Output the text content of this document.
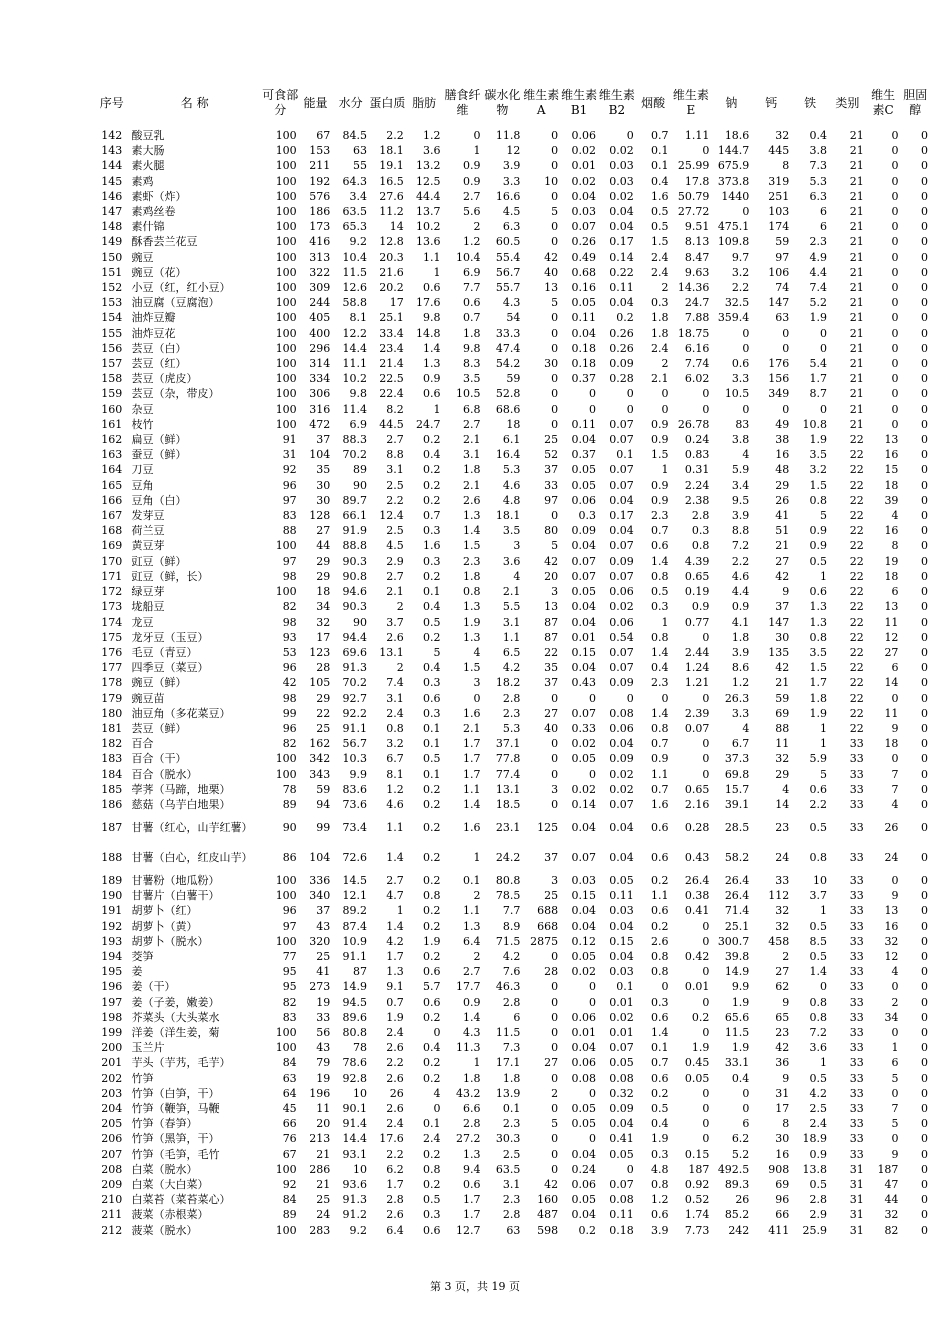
序号	名 称	可食部分	能量	水分	蛋白质	脂肪	膳食纤维	碳水化物	维生素A	维生素B1	维生素B2	烟酸	维生素E	钠	钙	铁	类别	维生素C	胆固醇
142	酸豆乳	100	67	84.5	2.2	1.2	0	11.8	0	0.06	0	0.7	1.11	18.6	32	0.4	21	0	0
143	素大肠	100	153	63	18.1	3.6	1	12	0	0.02	0.02	0.1	0	144.7	445	3.8	21	0	0
144	素火腿	100	211	55	19.1	13.2	0.9	3.9	0	0.01	0.03	0.1	25.99	675.9	8	7.3	21	0	0
145	素鸡	100	192	64.3	16.5	12.5	0.9	3.3	10	0.02	0.03	0.4	17.8	373.8	319	5.3	21	0	0
146	素虾（炸）	100	576	3.4	27.6	44.4	2.7	16.6	0	0.04	0.02	1.6	50.79	1440	251	6.3	21	0	0
147	素鸡丝卷	100	186	63.5	11.2	13.7	5.6	4.5	5	0.03	0.04	0.5	27.72	0	103	6	21	0	0
148	素什锦	100	173	65.3	14	10.2	2	6.3	0	0.07	0.04	0.5	9.51	475.1	174	6	21	0	0
149	酥香芸兰花豆	100	416	9.2	12.8	13.6	1.2	60.5	0	0.26	0.17	1.5	8.13	109.8	59	2.3	21	0	0
150	豌豆	100	313	10.4	20.3	1.1	10.4	55.4	42	0.49	0.14	2.4	8.47	9.7	97	4.9	21	0	0
151	豌豆（花）	100	322	11.5	21.6	1	6.9	56.7	40	0.68	0.22	2.4	9.63	3.2	106	4.4	21	0	0
152	小豆（红，红小豆）	100	309	12.6	20.2	0.6	7.7	55.7	13	0.16	0.11	2	14.36	2.2	74	7.4	21	0	0
153	油豆腐（豆腐泡）	100	244	58.8	17	17.6	0.6	4.3	5	0.05	0.04	0.3	24.7	32.5	147	5.2	21	0	0
154	油炸豆瓣	100	405	8.1	25.1	9.8	0.7	54	0	0.11	0.2	1.8	7.88	359.4	63	1.9	21	0	0
155	油炸豆花	100	400	12.2	33.4	14.8	1.8	33.3	0	0.04	0.26	1.8	18.75	0	0	0	21	0	0
156	芸豆（白）	100	296	14.4	23.4	1.4	9.8	47.4	0	0.18	0.26	2.4	6.16	0	0	0	21	0	0
157	芸豆（红）	100	314	11.1	21.4	1.3	8.3	54.2	30	0.18	0.09	2	7.74	0.6	176	5.4	21	0	0
158	芸豆（虎皮）	100	334	10.2	22.5	0.9	3.5	59	0	0.37	0.28	2.1	6.02	3.3	156	1.7	21	0	0
159	芸豆（杂，带皮）	100	306	9.8	22.4	0.6	10.5	52.8	0	0	0	0	0	10.5	349	8.7	21	0	0
160	杂豆	100	316	11.4	8.2	1	6.8	68.6	0	0	0	0	0	0	0	0	21	0	0
161	枝竹	100	472	6.9	44.5	24.7	2.7	18	0	0.11	0.07	0.9	26.78	83	49	10.8	21	0	0
162	扁豆（鲜）	91	37	88.3	2.7	0.2	2.1	6.1	25	0.04	0.07	0.9	0.24	3.8	38	1.9	22	13	0
163	蚕豆（鲜）	31	104	70.2	8.8	0.4	3.1	16.4	52	0.37	0.1	1.5	0.83	4	16	3.5	22	16	0
164	刀豆	92	35	89	3.1	0.2	1.8	5.3	37	0.05	0.07	1	0.31	5.9	48	3.2	22	15	0
165	豆角	96	30	90	2.5	0.2	2.1	4.6	33	0.05	0.07	0.9	2.24	3.4	29	1.5	22	18	0
166	豆角（白）	97	30	89.7	2.2	0.2	2.6	4.8	97	0.06	0.04	0.9	2.38	9.5	26	0.8	22	39	0
167	发芽豆	83	128	66.1	12.4	0.7	1.3	18.1	0	0.3	0.17	2.3	2.8	3.9	41	5	22	4	0
168	荷兰豆	88	27	91.9	2.5	0.3	1.4	3.5	80	0.09	0.04	0.7	0.3	8.8	51	0.9	22	16	0
169	黄豆芽	100	44	88.8	4.5	1.6	1.5	3	5	0.04	0.07	0.6	0.8	7.2	21	0.9	22	8	0
170	豇豆（鲜）	97	29	90.3	2.9	0.3	2.3	3.6	42	0.07	0.09	1.4	4.39	2.2	27	0.5	22	19	0
171	豇豆（鲜，长）	98	29	90.8	2.7	0.2	1.8	4	20	0.07	0.07	0.8	0.65	4.6	42	1	22	18	0
172	绿豆芽	100	18	94.6	2.1	0.1	0.8	2.1	3	0.05	0.06	0.5	0.19	4.4	9	0.6	22	6	0
173	垅船豆	82	34	90.3	2	0.4	1.3	5.5	13	0.04	0.02	0.3	0.9	0.9	37	1.3	22	13	0
174	龙豆	98	32	90	3.7	0.5	1.9	3.1	87	0.04	0.06	1	0.77	4.1	147	1.3	22	11	0
175	龙牙豆（玉豆）	93	17	94.4	2.6	0.2	1.3	1.1	87	0.01	0.54	0.8	0	1.8	30	0.8	22	12	0
176	毛豆（青豆）	53	123	69.6	13.1	5	4	6.5	22	0.15	0.07	1.4	2.44	3.9	135	3.5	22	27	0
177	四季豆（菜豆）	96	28	91.3	2	0.4	1.5	4.2	35	0.04	0.07	0.4	1.24	8.6	42	1.5	22	6	0
178	豌豆（鲜）	42	105	70.2	7.4	0.3	3	18.2	37	0.43	0.09	2.3	1.21	1.2	21	1.7	22	14	0
179	豌豆苗	98	29	92.7	3.1	0.6	0	2.8	0	0	0	0	0	26.3	59	1.8	22	0	0
180	油豆角（多花菜豆）	99	22	92.2	2.4	0.3	1.6	2.3	27	0.07	0.08	1.4	2.39	3.3	69	1.9	22	11	0
181	芸豆（鲜）	96	25	91.1	0.8	0.1	2.1	5.3	40	0.33	0.06	0.8	0.07	4	88	1	22	9	0
182	百合	82	162	56.7	3.2	0.1	1.7	37.1	0	0.02	0.04	0.7	0	6.7	11	1	33	18	0
183	百合（干）	100	342	10.3	6.7	0.5	1.7	77.8	0	0.05	0.09	0.9	0	37.3	32	5.9	33	0	0
184	百合（脱水）	100	343	9.9	8.1	0.1	1.7	77.4	0	0	0.02	1.1	0	69.8	29	5	33	7	0
185	荸荠（马蹄，地栗）	78	59	83.6	1.2	0.2	1.1	13.1	3	0.02	0.02	0.7	0.65	15.7	4	0.6	33	7	0
186	慈菇（乌芋白地果）	89	94	73.6	4.6	0.2	1.4	18.5	0	0.14	0.07	1.6	2.16	39.1	14	2.2	33	4	0
187	甘薯（红心，山芋红薯）	90	99	73.4	1.1	0.2	1.6	23.1	125	0.04	0.04	0.6	0.28	28.5	23	0.5	33	26	0
188	甘薯（白心，红皮山芋）	86	104	72.6	1.4	0.2	1	24.2	37	0.07	0.04	0.6	0.43	58.2	24	0.8	33	24	0
189	甘薯粉（地瓜粉）	100	336	14.5	2.7	0.2	0.1	80.8	3	0.03	0.05	0.2	26.4	26.4	33	10	33	0	0
190	甘薯片（白薯干）	100	340	12.1	4.7	0.8	2	78.5	25	0.15	0.11	1.1	0.38	26.4	112	3.7	33	9	0
191	胡萝卜（红）	96	37	89.2	1	0.2	1.1	7.7	688	0.04	0.03	0.6	0.41	71.4	32	1	33	13	0
192	胡萝卜（黄）	97	43	87.4	1.4	0.2	1.3	8.9	668	0.04	0.04	0.2	0	25.1	32	0.5	33	16	0
193	胡萝卜（脱水）	100	320	10.9	4.2	1.9	6.4	71.5	2875	0.12	0.15	2.6	0	300.7	458	8.5	33	32	0
194	茭笋	77	25	91.1	1.7	0.2	2	4.2	0	0.05	0.04	0.8	0.42	39.8	2	0.5	33	12	0
195	姜	95	41	87	1.3	0.6	2.7	7.6	28	0.02	0.03	0.8	0	14.9	27	1.4	33	4	0
196	姜（干）	95	273	14.9	9.1	5.7	17.7	46.3	0	0	0.1	0	0.01	9.9	62	0	33	0	0
197	姜（子姜，嫩姜）	82	19	94.5	0.7	0.6	0.9	2.8	0	0	0.01	0.3	0	1.9	9	0.8	33	2	0
198	芥菜头（大头菜水	83	33	89.6	1.9	0.2	1.4	6	0	0.06	0.02	0.6	0.2	65.6	65	0.8	33	34	0
199	洋姜（洋生姜，菊	100	56	80.8	2.4	0	4.3	11.5	0	0.01	0.01	1.4	0	11.5	23	7.2	33	0	0
200	玉兰片	100	43	78	2.6	0.4	11.3	7.3	0	0.04	0.07	0.1	1.9	1.9	42	3.6	33	1	0
201	芋头（芋艿，毛芋）	84	79	78.6	2.2	0.2	1	17.1	27	0.06	0.05	0.7	0.45	33.1	36	1	33	6	0
202	竹笋	63	19	92.8	2.6	0.2	1.8	1.8	0	0.08	0.08	0.6	0.05	0.4	9	0.5	33	5	0
203	竹笋（白笋，干）	64	196	10	26	4	43.2	13.9	2	0	0.32	0.2	0	0	31	4.2	33	0	0
204	竹笋（鞭笋，马鞭	45	11	90.1	2.6	0	6.6	0.1	0	0.05	0.09	0.5	0	0	17	2.5	33	7	0
205	竹笋（春笋）	66	20	91.4	2.4	0.1	2.8	2.3	5	0.05	0.04	0.4	0	6	8	2.4	33	5	0
206	竹笋（黑笋，干）	76	213	14.4	17.6	2.4	27.2	30.3	0	0	0.41	1.9	0	6.2	30	18.9	33	0	0
207	竹笋（毛笋，毛竹	67	21	93.1	2.2	0.2	1.3	2.5	0	0.04	0.05	0.3	0.15	5.2	16	0.9	33	9	0
208	白菜（脱水）	100	286	10	6.2	0.8	9.4	63.5	0	0.24	0	4.8	187	492.5	908	13.8	31	187	0
209	白菜（大白菜）	92	21	93.6	1.7	0.2	0.6	3.1	42	0.06	0.07	0.8	0.92	89.3	69	0.5	31	47	0
210	白菜苔（菜苔菜心）	84	25	91.3	2.8	0.5	1.7	2.3	160	0.05	0.08	1.2	0.52	26	96	2.8	31	44	0
211	菠菜（赤根菜）	89	24	91.2	2.6	0.3	1.7	2.8	487	0.04	0.11	0.6	1.74	85.2	66	2.9	31	32	0
212	菠菜（脱水）	100	283	9.2	6.4	0.6	12.7	63	598	0.2	0.18	3.9	7.73	242	411	25.9	31	82	0
第 3 页，共 19 页
